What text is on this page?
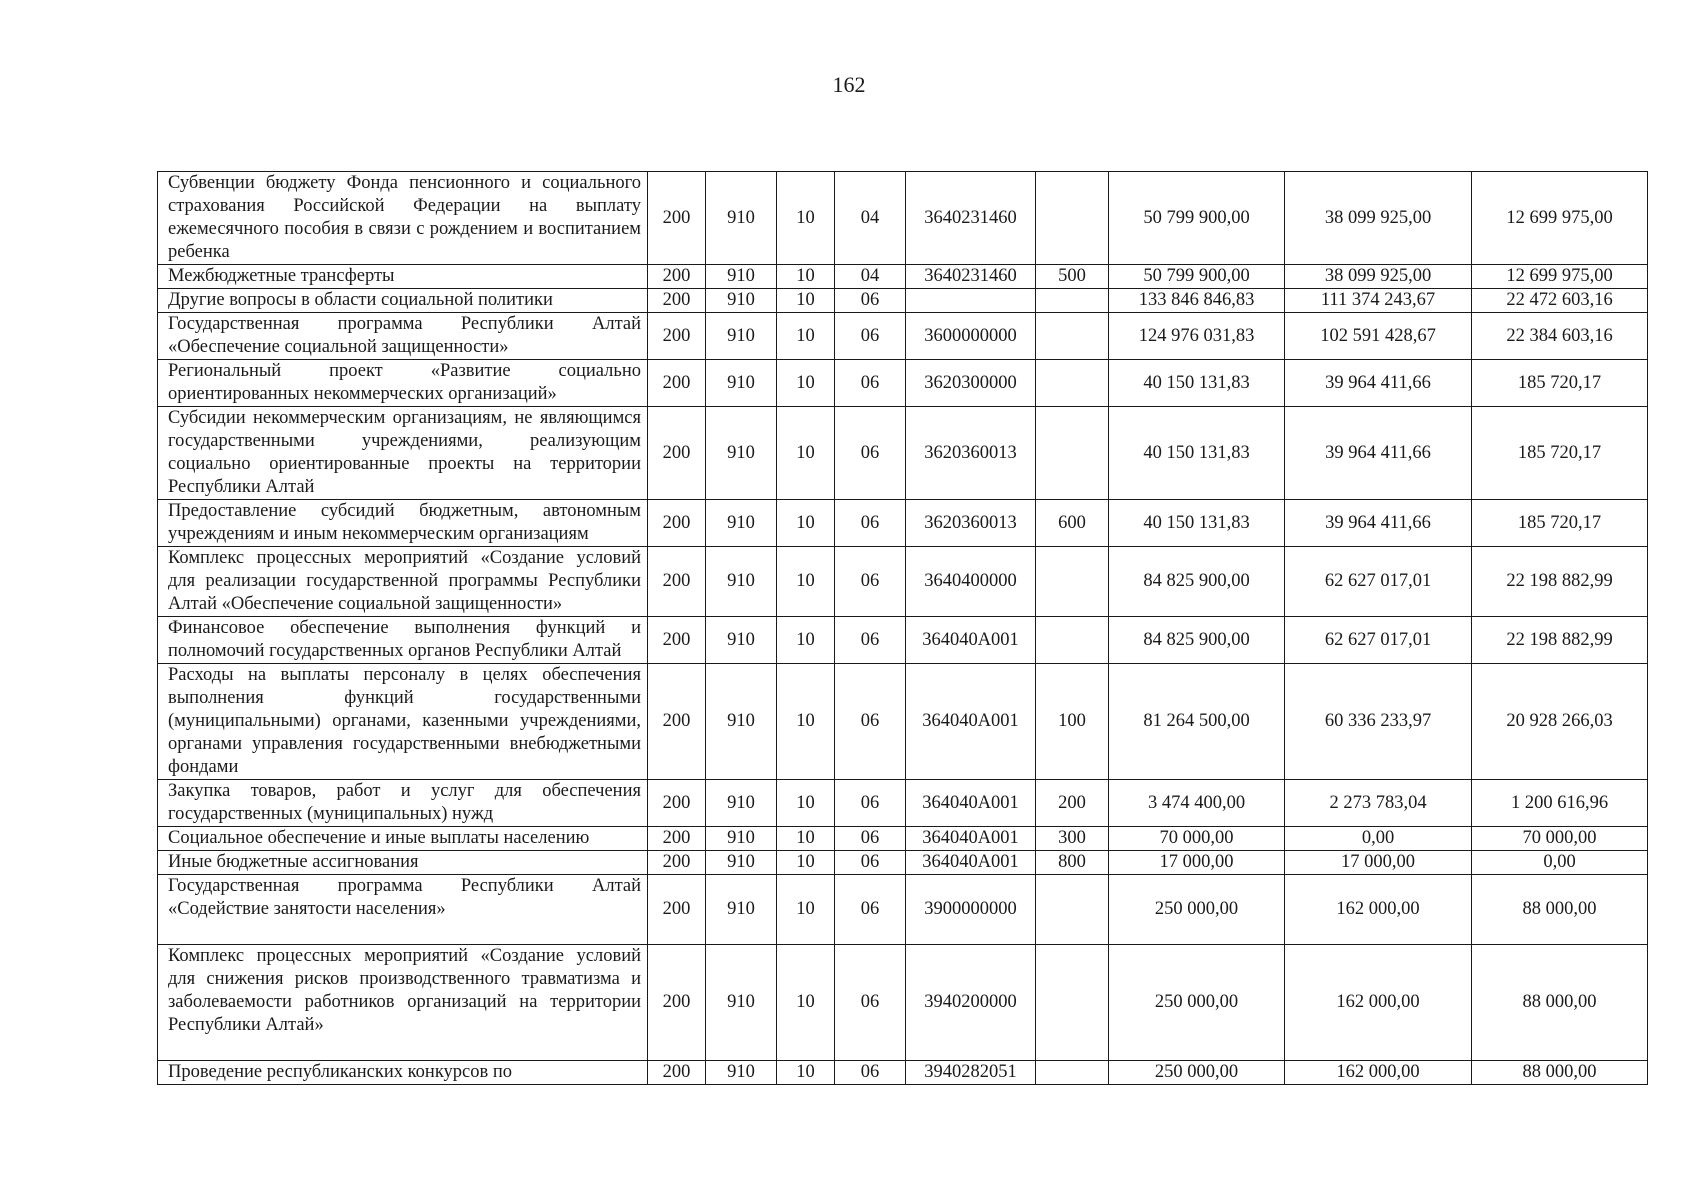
162
Субвенции бюджету Фонда пенсионного и социального страхования Российской Федерации на выплату ежемесячного пособия в связи с рождением и воспитанием ребенка	200	910	10	04	3640231460		50 799 900,00	38 099 925,00	12 699 975,00
Межбюджетные трансферты	200	910	10	04	3640231460	500	50 799 900,00	38 099 925,00	12 699 975,00
Другие вопросы в области социальной политики	200	910	10	06			133 846 846,83	111 374 243,67	22 472 603,16
Государственная программа Республики Алтай «Обеспечение социальной защищенности»	200	910	10	06	3600000000		124 976 031,83	102 591 428,67	22 384 603,16
Региональный проект «Развитие социально ориентированных некоммерческих организаций»	200	910	10	06	3620300000		40 150 131,83	39 964 411,66	185 720,17
Субсидии некоммерческим организациям, не являющимся государственными учреждениями, реализующим социально ориентированные проекты на территории Республики Алтай	200	910	10	06	3620360013		40 150 131,83	39 964 411,66	185 720,17
Предоставление субсидий бюджетным, автономным учреждениям и иным некоммерческим организациям	200	910	10	06	3620360013	600	40 150 131,83	39 964 411,66	185 720,17
Комплекс процессных мероприятий «Создание условий для реализации государственной программы Республики Алтай «Обеспечение социальной защищенности»	200	910	10	06	3640400000		84 825 900,00	62 627 017,01	22 198 882,99
Финансовое обеспечение выполнения функций и полномочий государственных органов Республики Алтай	200	910	10	06	364040А001		84 825 900,00	62 627 017,01	22 198 882,99
Расходы на выплаты персоналу в целях обеспечения выполнения функций государственными (муниципальными) органами, казенными учреждениями, органами управления государственными внебюджетными фондами	200	910	10	06	364040А001	100	81 264 500,00	60 336 233,97	20 928 266,03
Закупка товаров, работ и услуг для обеспечения государственных (муниципальных) нужд	200	910	10	06	364040А001	200	3 474 400,00	2 273 783,04	1 200 616,96
Социальное обеспечение и иные выплаты населению	200	910	10	06	364040А001	300	70 000,00	0,00	70 000,00
Иные бюджетные ассигнования	200	910	10	06	364040А001	800	17 000,00	17 000,00	0,00
Государственная программа Республики Алтай «Содействие занятости населения»	200	910	10	06	3900000000		250 000,00	162 000,00	88 000,00
Комплекс процессных мероприятий «Создание условий для снижения рисков производственного травматизма и заболеваемости работников организаций на территории Республики Алтай»	200	910	10	06	3940200000		250 000,00	162 000,00	88 000,00
Проведение республиканских конкурсов по	200	910	10	06	3940282051		250 000,00	162 000,00	88 000,00
